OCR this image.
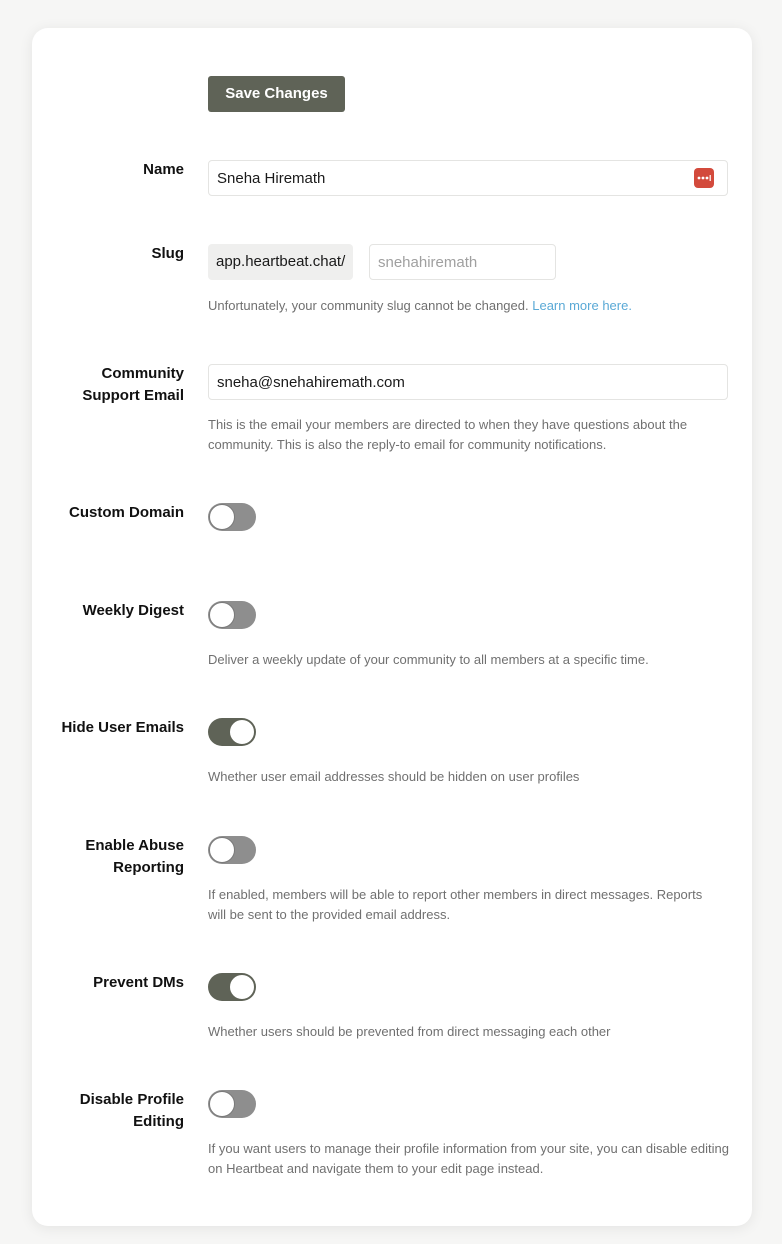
Save Changes
Name
Sneha Hiremath
Slug	app.heartbeat.chat/
snehahiremath
Unfortunately, your community slug cannot be changed. Learn more here.
Community Support Email
sneha@snehahiremath.com
This is the email your members are directed to when they have questions about the community. This is also the reply-to email for community notifications.
Custom Domain
Weekly Digest
Deliver a weekly update of your community to all members at a specific time.
Hide User Emails
Whether user email addresses should be hidden on user profiles
Enable Abuse Reporting
If enabled, members will be able to report other members in direct messages. Reports will be sent to the provided email address.
Prevent DMs
Whether users should be prevented from direct messaging each other
Disable Profile Editing
If you want users to manage their profile information from your site, you can disable editing on Heartbeat and navigate them to your edit page instead.
